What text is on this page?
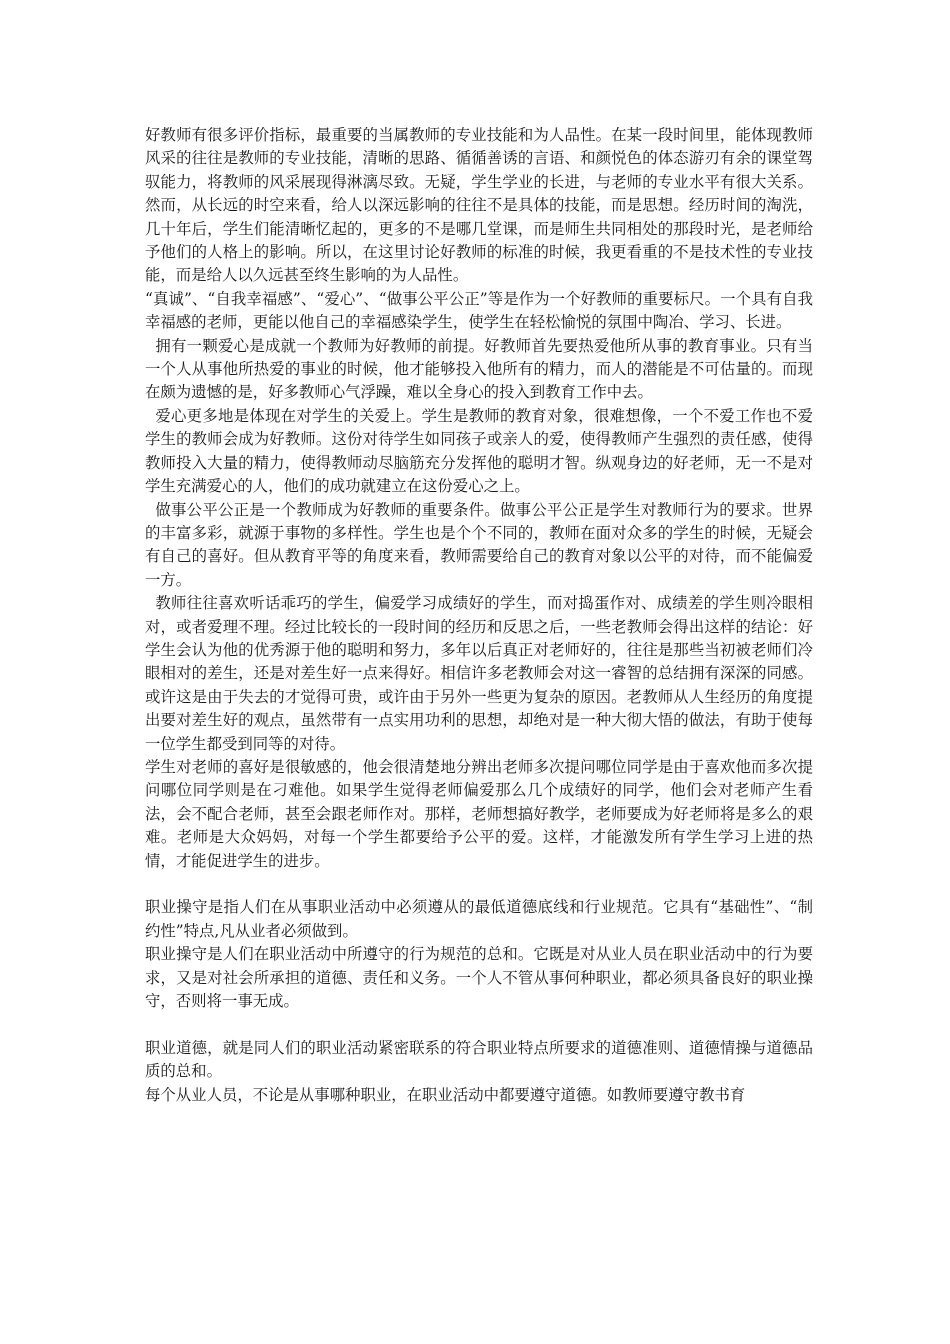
好教师有很多评价指标，最重要的当属教师的专业技能和为人品性。在某一段时间里，能体现教师风采的往往是教师的专业技能，清晰的思路、循循善诱的言语、和颜悦色的体态游刃有余的课堂驾驭能力，将教师的风采展现得淋漓尽致。无疑，学生学业的长进，与老师的专业水平有很大关系。然而，从长远的时空来看，给人以深远影响的往往不是具体的技能，而是思想。经历时间的淘洗，几十年后，学生们能清晰忆起的，更多的不是哪几堂课，而是师生共同相处的那段时光，是老师给予他们的人格上的影响。所以，在这里讨论好教师的标准的时候，我更看重的不是技术性的专业技能，而是给人以久远甚至终生影响的为人品性。

“真诚”、“自我幸福感”、“爱心”、“做事公平公正”等是作为一个好教师的重要标尺。一个具有自我幸福感的老师，更能以他自己的幸福感染学生，使学生在轻松愉悦的氛围中陶冶、学习、长进。

拥有一颗爱心是成就一个教师为好教师的前提。好教师首先要热爱他所从事的教育事业。只有当一个人从事他所热爱的事业的时候，他才能够投入他所有的精力，而人的潜能是不可估量的。而现在颇为遗憾的是，好多教师心气浮躁，难以全身心的投入到教育工作中去。

爱心更多地是体现在对学生的关爱上。学生是教师的教育对象，很难想像，一个不爱工作也不爱学生的教师会成为好教师。这份对待学生如同孩子或亲人的爱，使得教师产生强烈的责任感，使得教师投入大量的精力，使得教师动尽脑筋充分发挥他的聪明才智。纵观身边的好老师，无一不是对学生充满爱心的人，他们的成功就建立在这份爱心之上。

做事公平公正是一个教师成为好教师的重要条件。做事公平公正是学生对教师行为的要求。世界的丰富多彩，就源于事物的多样性。学生也是个个不同的，教师在面对众多的学生的时候，无疑会有自己的喜好。但从教育平等的角度来看，教师需要给自己的教育对象以公平的对待，而不能偏爱一方。

教师往往喜欢听话乖巧的学生，偏爱学习成绩好的学生，而对捣蛋作对、成绩差的学生则冷眼相对，或者爱理不理。经过比较长的一段时间的经历和反思之后，一些老教师会得出这样的结论：好学生会认为他的优秀源于他的聪明和努力，多年以后真正对老师好的，往往是那些当初被老师们冷眼相对的差生，还是对差生好一点来得好。相信许多老教师会对这一睿智的总结拥有深深的同感。或许这是由于失去的才觉得可贵，或许由于另外一些更为复杂的原因。老教师从人生经历的角度提出要对差生好的观点，虽然带有一点实用功利的思想，却绝对是一种大彻大悟的做法，有助于使每一位学生都受到同等的对待。

学生对老师的喜好是很敏感的，他会很清楚地分辨出老师多次提问哪位同学是由于喜欢他而多次提问哪位同学则是在刁难他。如果学生觉得老师偏爱那么几个成绩好的同学，他们会对老师产生看法，会不配合老师，甚至会跟老师作对。那样，老师想搞好教学，老师要成为好老师将是多么的艰难。老师是大众妈妈，对每一个学生都要给予公平的爱。这样，才能激发所有学生学习上进的热情，才能促进学生的进步。

职业操守是指人们在从事职业活动中必须遵从的最低道德底线和行业规范。它具有“基础性”、“制约性”特点,凡从业者必须做到。

职业操守是人们在职业活动中所遵守的行为规范的总和。它既是对从业人员在职业活动中的行为要求，又是对社会所承担的道德、责任和义务。一个人不管从事何种职业，都必须具备良好的职业操守，否则将一事无成。

职业道德，就是同人们的职业活动紧密联系的符合职业特点所要求的道德准则、道德情操与道德品质的总和。

每个从业人员，不论是从事哪种职业，在职业活动中都要遵守道德。如教师要遵守教书育
